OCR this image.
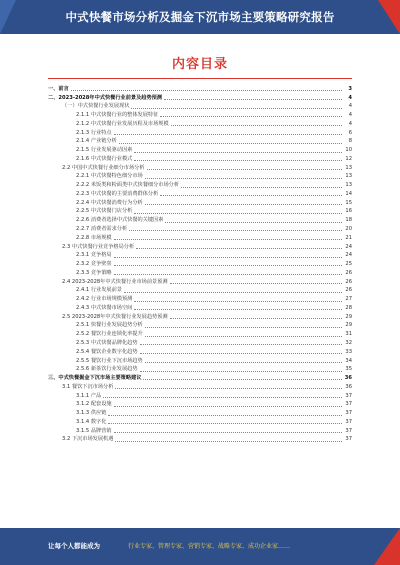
中式快餐市场分析及掘金下沉市场主要策略研究报告
内容目录
一、前言	3
二、2023-2028年中式快餐行业前景及趋势预测	4
（一）中式快餐行业发展现状	4
2.1.1 中式快餐行业的整体发展特征	4
2.1.2 中式快餐行业发展历程及市场规模	4
2.1.3 行业特点	6
2.1.4 产业链分析	8
2.1.5 行业发展驱动因素	10
2.1.6 中式快餐行业模式	12
2.2 中国中式快餐行业细分市场分析	13
2.2.1 中式快餐特色细分市场	13
2.2.2 米饭类和粉面类中式快餐细分市场分析	13
2.2.3 中式快餐的主要消费群体分析	14
2.2.4 中式快餐消费行为分析	15
2.2.5 中式快餐门店分析	16
2.2.6 消费者选择中式快餐的关键因素	18
2.2.7 消费者需求分析	20
2.2.8 市场规模	21
2.3 中式快餐行业竞争格局分析	24
2.3.1 竞争格局	24
2.3.2 竞争壁垒	25
2.3.3 竞争策略	26
2.4 2023-2028年中式快餐行业市场前景预测	26
2.4.1 行业发展前景	26
2.4.2 行业市场规模预测	27
2.4.3 中式快餐市场空间	28
2.5 2023-2028年中式快餐行业发展趋势预测	29
2.5.1 快餐行业发展趋势分析	29
2.5.2 餐饮行业连锁化率提升	31
2.5.3 中式快餐品牌化趋势	32
2.5.4 餐饮企业数字化趋势	33
2.5.5 餐饮行业下沉市场趋势	34
2.5.6 新茶饮行业发展趋势	35
三、中式快餐掘金下沉市场主要策略建议	36
3.1 餐饮下沉市场分析	36
3.1.1 产品	37
3.1.2 配套设施	37
3.1.3 供应链	37
3.1.4 数字化	37
3.1.5 品牌营销	37
3.2 下沉市场发展机遇	37
让每个人都能成为	行业专家、管理专家、营销专家、战略专家、成功企业家……
